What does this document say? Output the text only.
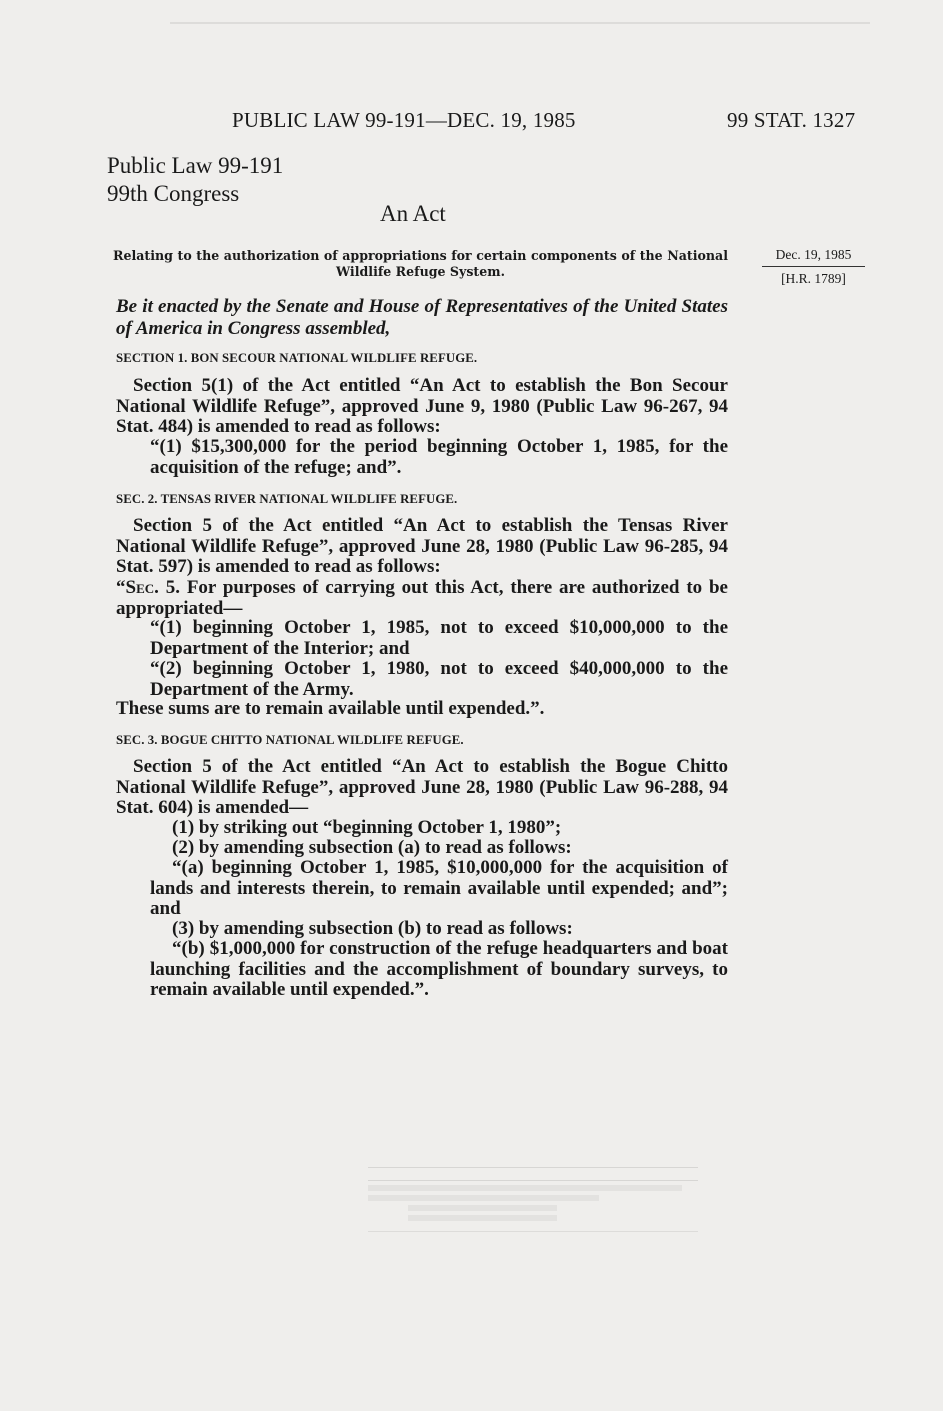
PUBLIC LAW 99-191—DEC. 19, 1985	99 STAT. 1327
Public Law 99-191
99th Congress
An Act
Relating to the authorization of appropriations for certain components of the National Wildlife Refuge System.
Dec. 19, 1985
[H.R. 1789]
Be it enacted by the Senate and House of Representatives of the United States of America in Congress assembled,
SECTION 1. BON SECOUR NATIONAL WILDLIFE REFUGE.
Section 5(1) of the Act entitled “An Act to establish the Bon Secour National Wildlife Refuge”, approved June 9, 1980 (Public Law 96-267, 94 Stat. 484) is amended to read as follows:
“(1) $15,300,000 for the period beginning October 1, 1985, for the acquisition of the refuge; and”.
SEC. 2. TENSAS RIVER NATIONAL WILDLIFE REFUGE.
Section 5 of the Act entitled “An Act to establish the Tensas River National Wildlife Refuge”, approved June 28, 1980 (Public Law 96-285, 94 Stat. 597) is amended to read as follows:
“Sec. 5. For purposes of carrying out this Act, there are authorized to be appropriated—
“(1) beginning October 1, 1985, not to exceed $10,000,000 to the Department of the Interior; and
“(2) beginning October 1, 1980, not to exceed $40,000,000 to the Department of the Army.
These sums are to remain available until expended.”.
SEC. 3. BOGUE CHITTO NATIONAL WILDLIFE REFUGE.
Section 5 of the Act entitled “An Act to establish the Bogue Chitto National Wildlife Refuge”, approved June 28, 1980 (Public Law 96-288, 94 Stat. 604) is amended—
(1) by striking out “beginning October 1, 1980”;
(2) by amending subsection (a) to read as follows:
“(a) beginning October 1, 1985, $10,000,000 for the acquisition of lands and interests therein, to remain available until expended; and”; and
(3) by amending subsection (b) to read as follows:
“(b) $1,000,000 for construction of the refuge headquarters and boat launching facilities and the accomplishment of boundary surveys, to remain available until expended.”.
